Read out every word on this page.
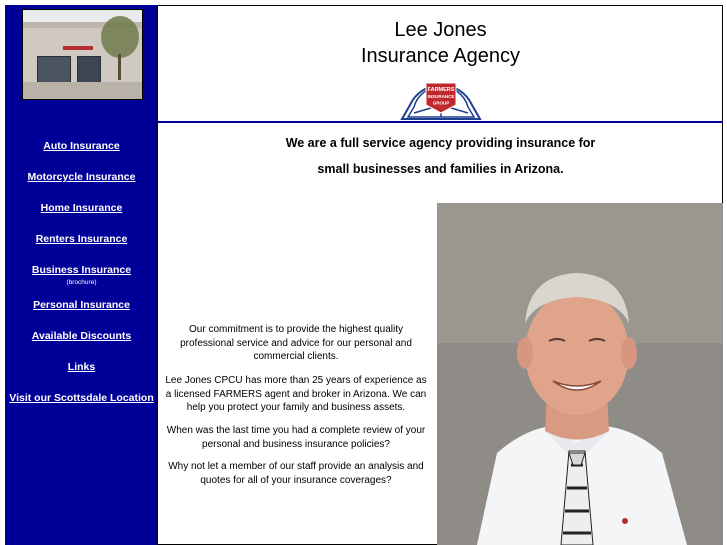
Auto Insurance
Motorcycle Insurance
Home Insurance
Renters Insurance
Business Insurance
(brochure)
Personal Insurance
Available Discounts
Links
Visit our Scottsdale Location
Lee Jones
Insurance Agency
FARMERS
INSURANCE
GROUP
We are a full service agency providing insurance for
small businesses and families in Arizona.
Our commitment is to provide the highest quality professional service and advice for our personal and commercial clients.
Lee Jones CPCU has more than 25 years of experience as a licensed FARMERS agent and broker in Arizona. We can help you protect your family and business assets.
When was the last time you had a complete review of your personal and business insurance policies?
Why not let a member of our staff provide an analysis and quotes for all of your insurance coverages?
